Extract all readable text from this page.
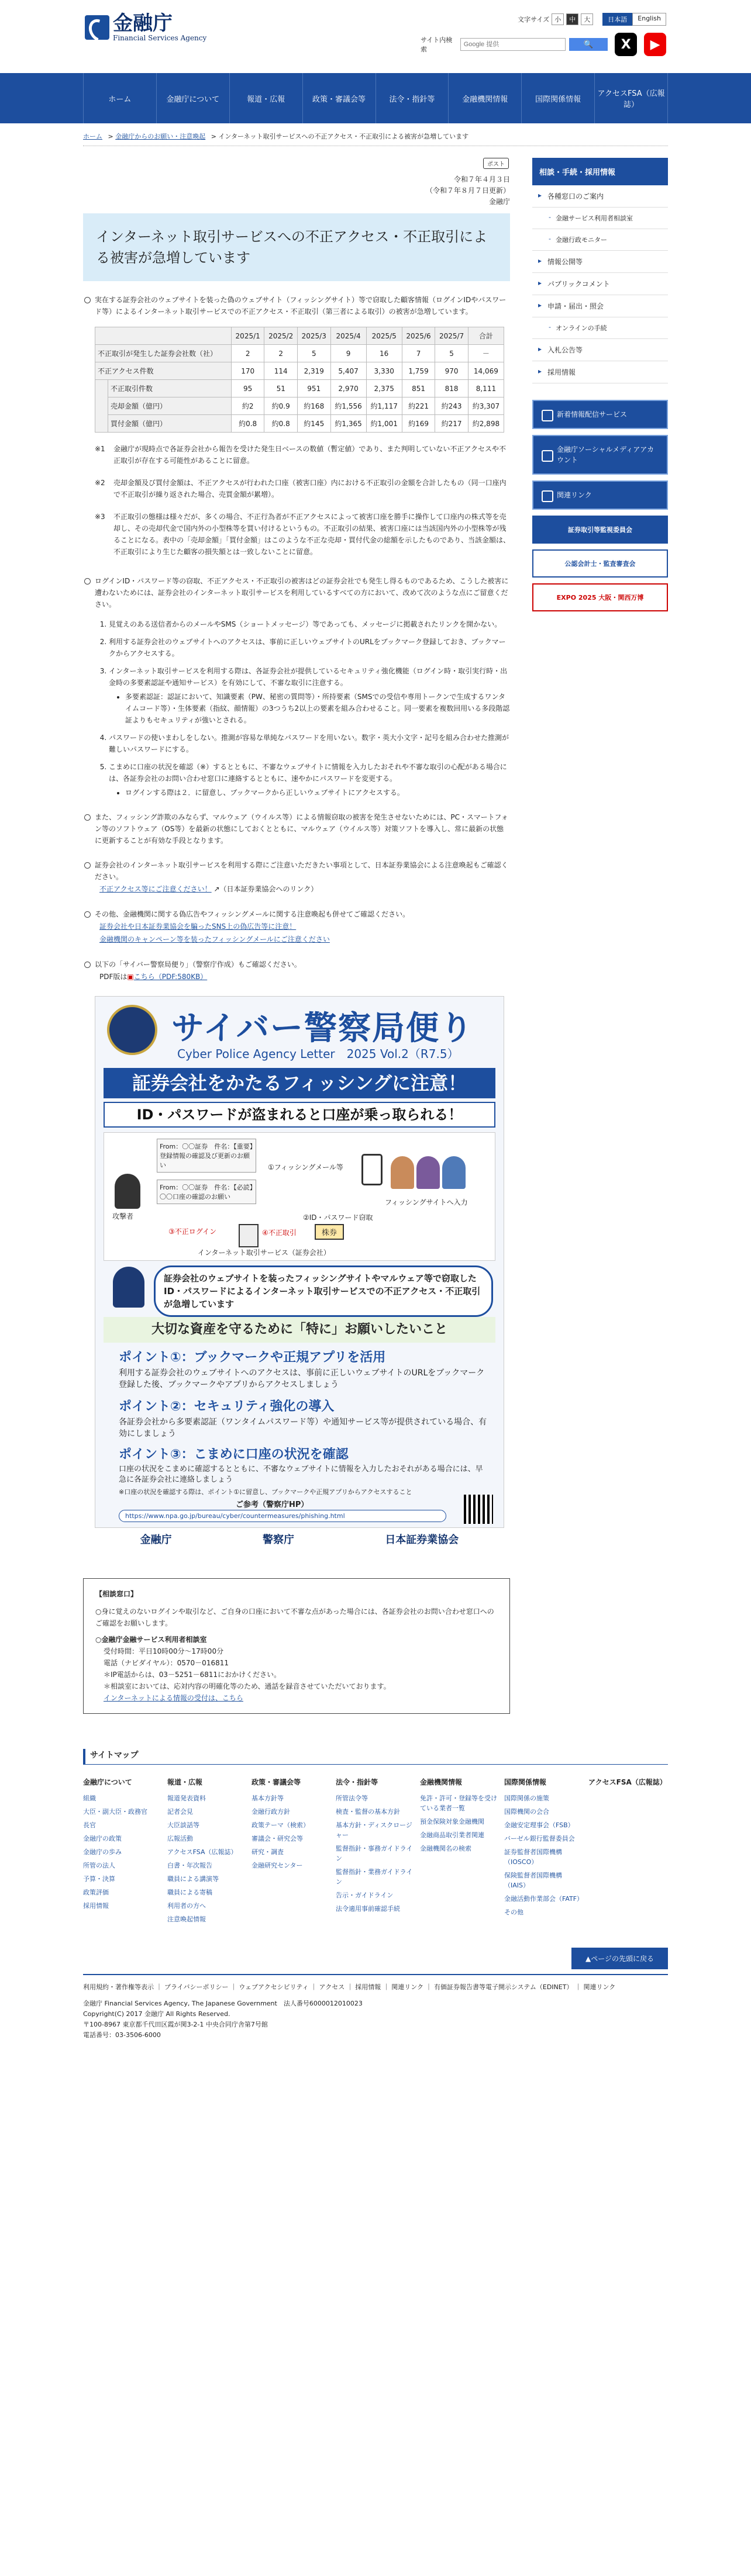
金融庁
Financial Services Agency
文字サイズ 小	中	大	日本語	English
サイト内検索
Google 提供
🔍	X	▶
ホーム	金融庁について	報道・広報	政策・審議会等	法令・指針等	金融機関情報	国際関係情報
アクセスFSA（広報誌）
ホーム > 金融庁からのお願い・注意喚起 > インターネット取引サービスへの不正アクセス・不正取引による被害が急増しています
ポスト
令和７年４月３日
（令和７年８月７日更新）
金融庁
インターネット取引サービスへの不正アクセス・不正取引による被害が急増しています

実在する証券会社のウェブサイトを装った偽のウェブサイト（フィッシングサイト）等で窃取した顧客情報（ログインIDやパスワード等）によるインターネット取引サービスでの不正アクセス・不正取引（第三者による取引）の被害が急増しています。

		2025/1	2025/2	2025/3	2025/4	2025/5	2025/6	2025/7	合計
不正取引が発生した証券会社数（社）		2	2	5	9	16	7	5	－
不正アクセス件数		170	114	2,319	5,407	3,330	1,759	970	14,069
	不正取引件数	95	51	951	2,970	2,375	851	818	8,111
	売却金額（億円）	約2	約0.9	約168	約1,556	約1,117	約221	約243	約3,307
	買付金額（億円）	約0.8	約0.8	約145	約1,365	約1,001	約169	約217	約2,898
※1	金融庁が現時点で各証券会社から報告を受けた発生日ベースの数値（暫定値）であり、また判明していない不正アクセスや不正取引が存在する可能性があることに留意。
※2	売却金額及び買付金額は、不正アクセスが行われた口座（被害口座）内における不正取引の金額を合計したもの（同一口座内で不正取引が繰り返された場合、売買金額が累増）。
※3	不正取引の態様は様々だが、多くの場合、不正行為者が不正アクセスによって被害口座を勝手に操作して口座内の株式等を売却し、その売却代金で国内外の小型株等を買い付けるというもの。不正取引の結果、被害口座には当該国内外の小型株等が残ることになる。表中の「売却金額」「買付金額」はこのような不正な売却・買付代金の総額を示したものであり、当該金額は、不正取引により生じた顧客の損失額とは一致しないことに留意。

ログインID・パスワード等の窃取、不正アクセス・不正取引の被害はどの証券会社でも発生し得るものであるため、こうした被害に遭わないためには、証券会社のインターネット取引サービスを利用しているすべての方において、改めて次のような点にご留意ください。

1. 見覚えのある送信者からのメールやSMS（ショートメッセージ）等であっても、メッセージに掲載されたリンクを開かない。
2. 利用する証券会社のウェブサイトへのアクセスは、事前に正しいウェブサイトのURLをブックマーク登録しておき、ブックマークからアクセスする。
3. インターネット取引サービスを利用する際は、各証券会社が提供しているセキュリティ強化機能（ログイン時・取引実行時・出金時の多要素認証や通知サービス）を有効にして、不審な取引に注意する。
• 多要素認証：認証において、知識要素（PW、秘密の質問等）・所持要素（SMSでの受信や専用トークンで生成するワンタイムコード等）・生体要素（指紋、顔情報）の3つうち2以上の要素を組み合わせること。同一要素を複数回用いる多段階認証よりもセキュリティが強いとされる。
4. パスワードの使いまわしをしない。推測が容易な単純なパスワードを用いない。数字・英大小文字・記号を組み合わせた推測が難しいパスワードにする。
5. こまめに口座の状況を確認（※）するとともに、不審なウェブサイトに情報を入力したおそれや不審な取引の心配がある場合には、各証券会社のお問い合わせ窓口に連絡するとともに、速やかにパスワードを変更する。
• ログインする際は２．に留意し、ブックマークから正しいウェブサイトにアクセスする。

また、フィッシング詐欺のみならず、マルウェア（ウイルス等）による情報窃取の被害を発生させないためには、PC・スマートフォン等のソフトウェア（OS等）を最新の状態にしておくとともに、マルウェア（ウイルス等）対策ソフトを導入し、常に最新の状態に更新することが有効な手段となります。

証券会社のインターネット取引サービスを利用する際にご注意いただきたい事項として、日本証券業協会による注意喚起もご確認ください。

不正アクセス等にご注意ください！ ↗（日本証券業協会へのリンク）

その他、金融機関に関する偽広告やフィッシングメールに関する注意喚起も併せてご確認ください。

証券会社や日本証券業協会を騙ったSNS上の偽広告等に注意！
金融機関のキャンペーン等を装ったフィッシングメールにご注意ください

以下の「サイバー警察局便り」（警察庁作成）もご確認ください。

PDF版は▣こちら（PDF:580KB）
サイバー警察局便り
Cyber Police Agency Letter　2025 Vol.2（R7.5）
証券会社をかたるフィッシングに注意！
ID・パスワードが盗まれると口座が乗っ取られる！
攻撃者
From：〇〇証券　件名：【重要】登録情報の確認及び更新のお願い
From：〇〇証券　件名：【必読】〇〇口座の確認のお願い
①フィッシングメール等
フィッシングサイトへ入力
②ID・パスワード窃取
③不正ログイン	④不正取引	株券
インターネット取引サービス（証券会社）
証券会社のウェブサイトを装ったフィッシングサイトやマルウェア等で窃取したID・パスワードによるインターネット取引サービスでの不正アクセス・不正取引が急増しています
大切な資産を守るために「特に」お願いしたいこと
ポイント①：ブックマークや正規アプリを活用
利用する証券会社のウェブサイトへのアクセスは、事前に正しいウェブサイトのURLをブックマーク登録した後、ブックマークやアプリからアクセスしましょう
ポイント②：セキュリティ強化の導入
各証券会社から多要素認証（ワンタイムパスワード等）や通知サービス等が提供されている場合、有効にしましょう
ポイント③：こまめに口座の状況を確認
口座の状況をこまめに確認するとともに、不審なウェブサイトに情報を入力したおそれがある場合には、早急に各証券会社に連絡しましょう
※口座の状況を確認する際は、ポイント①に留意し、ブックマークや正規アプリからアクセスすること
ご参考（警察庁HP）
https://www.npa.go.jp/bureau/cyber/countermeasures/phishing.html
金融庁	警察庁	日本証券業協会
【相談窓口】
○身に覚えのないログインや取引など、ご自身の口座において不審な点があった場合には、各証券会社のお問い合わせ窓口へのご確認をお願いします。
○金融庁金融サービス利用者相談室
受付時間：平日10時00分～17時00分
電話（ナビダイヤル）：0570－016811
＊IP電話からは、03－5251－6811におかけください。
＊相談室においては、応対内容の明確化等のため、通話を録音させていただいております。
インターネットによる情報の受付は、こちら
相談・手続・採用情報
▸ 各種窓口のご案内
- 金融サービス利用者相談室
- 金融行政モニター
▸ 情報公開等
▸ パブリックコメント
▸ 申請・届出・照会
- オンラインの手続
▸ 入札公告等
▸ 採用情報
新着情報配信サービス
金融庁ソーシャルメディアアカウント
関連リンク
証券取引等監視委員会
公認会計士・監査審査会
EXPO 2025 大阪・関西万博
サイトマップ
金融庁について
組織
大臣・副大臣・政務官
長官
金融庁の政策
金融庁の歩み
所管の法人
予算・決算
政策評価
採用情報
報道・広報
報道発表資料
記者会見
大臣談話等
広報活動
アクセスFSA（広報誌）
白書・年次報告
職員による講演等
職員による寄稿
利用者の方へ
注意喚起情報
政策・審議会等
基本方針等
金融行政方針
政策テーマ（検索）
審議会・研究会等
研究・調査
金融研究センター
法令・指針等
所管法令等
検査・監督の基本方針
基本方針・ディスクロージャー
監督指針・事務ガイドライン
監督指針・業務ガイドライン
告示・ガイドライン
法令適用事前確認手続
金融機関情報
免許・許可・登録等を受けている業者一覧
預金保険対象金融機関
金融商品取引業者関連
金融機関名の検索
国際関係情報
国際関係の施策
国際機関の会合
金融安定理事会（FSB）
バーゼル銀行監督委員会
証券監督者国際機構（IOSCO）
保険監督者国際機構（IAIS）
金融活動作業部会（FATF）
その他
アクセスFSA（広報誌）
▲ページの先頭に戻る
利用規約・著作権等表示 ｜ プライバシーポリシー ｜ ウェブアクセシビリティ ｜ アクセス ｜ 採用情報 ｜ 関連リンク ｜ 有価証券報告書等電子開示システム（EDINET） ｜ 関連リンク
金融庁 Financial Services Agency, The Japanese Government　法人番号6000012010023
Copyright(C) 2017 金融庁 All Rights Reserved.
〒100-8967 東京都千代田区霞が関3-2-1 中央合同庁舎第7号館
電話番号：03-3506-6000
